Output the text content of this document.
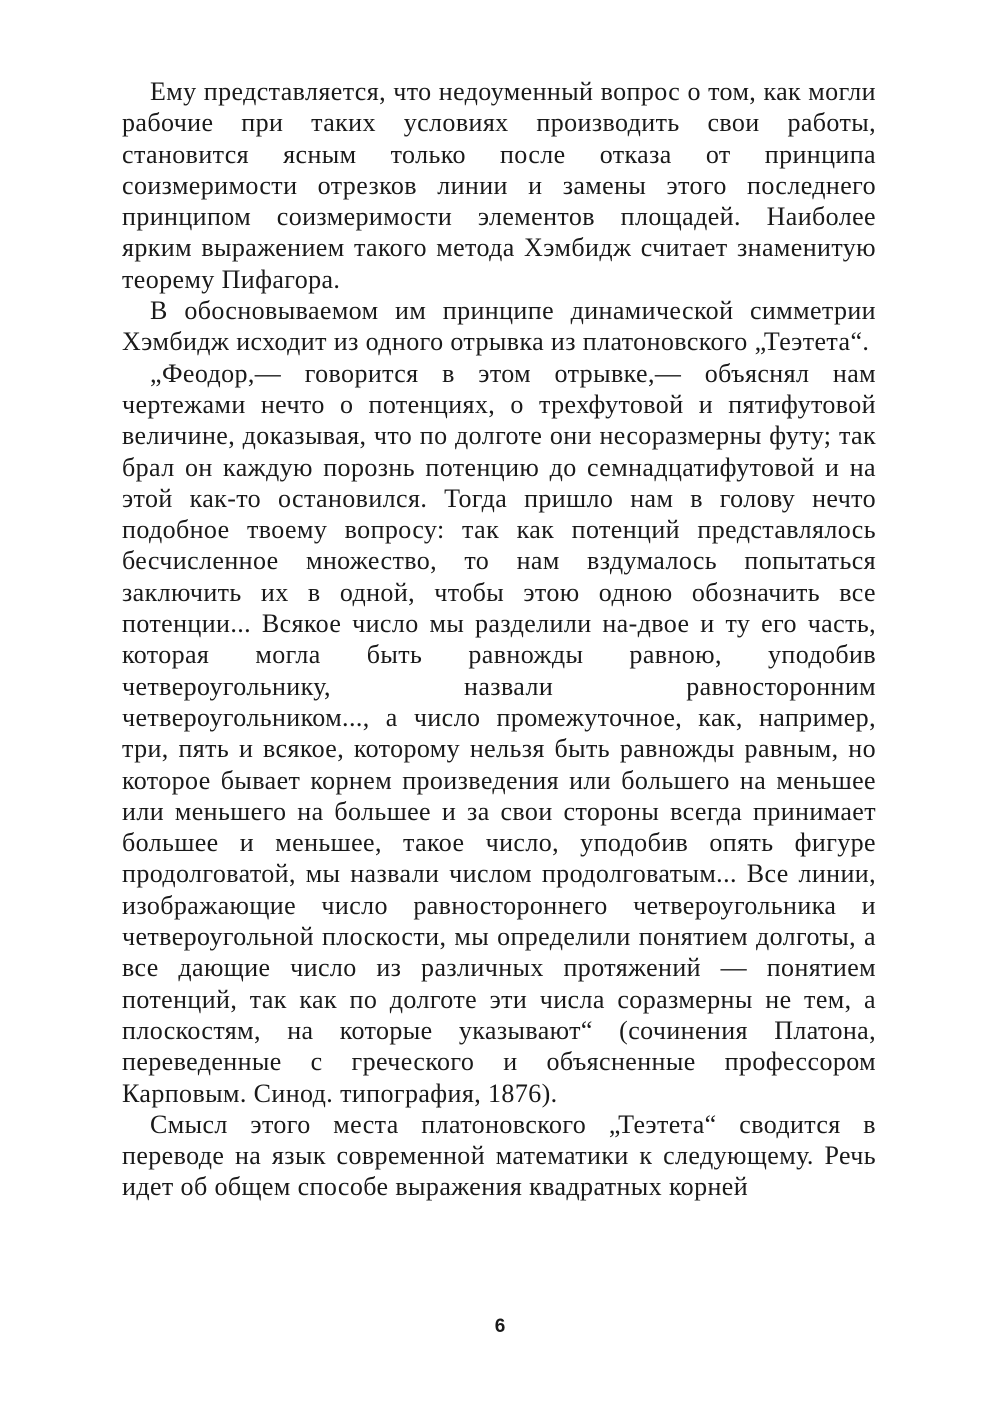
Ему представляется, что недоуменный вопрос о том, как могли рабочие при таких условиях производить свои работы, становится ясным только после отказа от принципа соизмеримости отрезков линии и замены этого последнего принципом соизмеримости элементов площадей. Наиболее ярким выражением такого метода Хэмбидж считает знаменитую теорему Пифагора.

В обосновываемом им принципе динамической симметрии Хэмбидж исходит из одного отрывка из платоновского „Теэтета“.

„Феодор,— говорится в этом отрывке,— объяснял нам чертежами нечто о потенциях, о трехфутовой и пятифутовой величине, доказывая, что по долготе они несоразмерны футу; так брал он каждую порознь потенцию до семнадцатифутовой и на этой как-то остановился. Тогда пришло нам в голову нечто подобное твоему вопросу: так как потенций представлялось бесчисленное множество, то нам вздумалось попытаться заключить их в одной, чтобы этою одною обозначить все потенции... Всякое число мы разделили на-двое и ту его часть, которая могла быть равножды равною, уподобив четвероугольнику, назвали равносторонним четвероугольником..., а число промежуточное, как, например, три, пять и всякое, которому нельзя быть равножды равным, но которое бывает корнем произведения или большего на меньшее или меньшего на большее и за свои стороны всегда принимает большее и меньшее, такое число, уподобив опять фигуре продолговатой, мы назвали числом продолговатым... Все линии, изображающие число равностороннего четвероугольника и четвероугольной плоскости, мы определили понятием долготы, а все дающие число из различных протяжений — понятием потенций, так как по долготе эти числа соразмерны не тем, а плоскостям, на которые указывают“ (сочинения Платона, переведенные с греческого и объясненные профессором Карповым. Синод. типография, 1876).

Смысл этого места платоновского „Теэтета“ сводится в переводе на язык современной математики к следующему. Речь идет об общем способе выражения квадратных корней

6
